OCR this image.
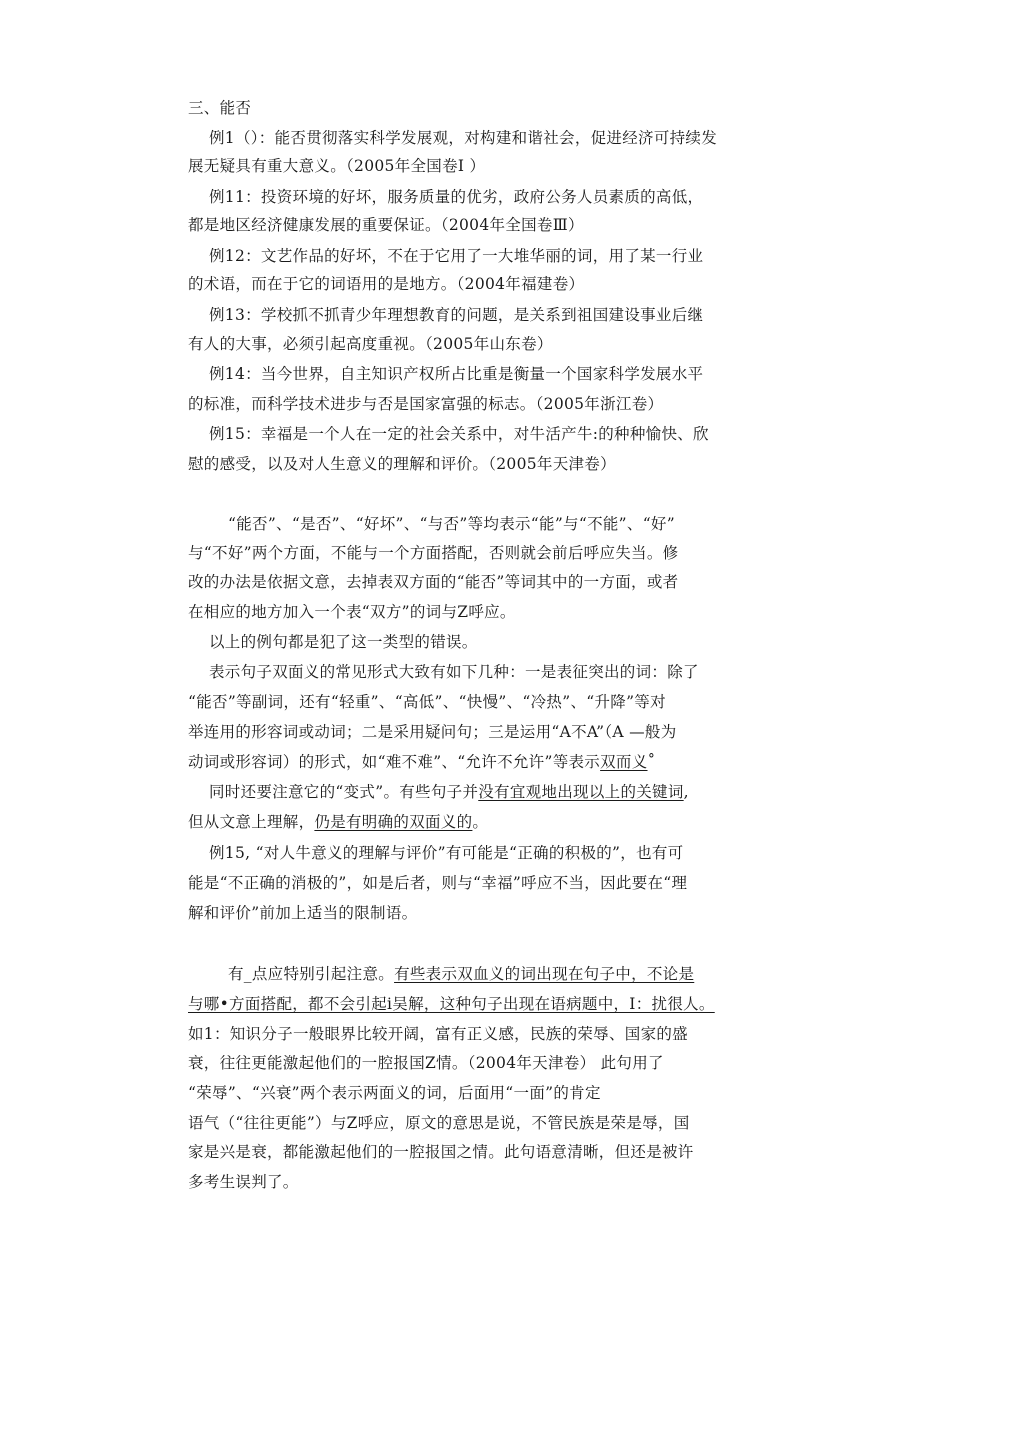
三、能否
例1（）：能否贯彻落实科学发展观，对构建和谐社会，促进经济可持续发
展无疑具有重大意义。（2005年全国卷I ）
例11：投资环境的好坏，服务质量的优劣，政府公务人员素质的高低，
都是地区经济健康发展的重要保证。（2004年全国卷Ⅲ）
例12：文艺作品的好坏，不在于它用了一大堆华丽的词，用了某一行业
的术语，而在于它的词语用的是地方。（2004年福建卷）
例13：学校抓不抓青少年理想教育的问题，是关系到祖国建设事业后继
有人的大事，必须引起高度重视。（2005年山东卷）
例14：当今世界，自主知识产权所占比重是衡量一个国家科学发展水平
的标准，而科学技术进步与否是国家富强的标志。（2005年浙江卷）
例15：幸福是一个人在一定的社会关系中，对牛活产牛:的种种愉快、欣
慰的感受，以及对人生意义的理解和评价。（2005年天津卷）
“能否”、“是否”、“好坏”、“与否”等均表示“能”与“不能”、“好”
与“不好”两个方面，不能与一个方面搭配，否则就会前后呼应失当。修
改的办法是依据文意，去掉表双方面的“能否”等词其中的一方面，或者
在相应的地方加入一个表“双方”的词与Z呼应。
以上的例句都是犯了这一类型的错误。
表示句子双面义的常见形式大致有如下几种：一是表征突出的词：除了
“能否”等副词，还有“轻重”、“高低”、“快慢”、“冷热”、“升降”等对
举连用的形容词或动词；二是采用疑问句；三是运用“A不A”（A —般为
动词或形容词）的形式，如“难不难”、“允许不允许”等表示双而义˚
同时还要注意它的“变式”。有些句子并没有宜观地出现以上的关键词,
但从文意上理解，仍是有明确的双面义的。
例15, “对人牛意义的理解与评价”有可能是“正确的积极的”，也有可
能是“不正确的消极的”，如是后者，则与“幸福”呼应不当，因此要在“理
解和评价”前加上适当的限制语。
有_点应特别引起注意。有些表示双血义的词出现在句子中，不论是
与哪•方面搭配，都不会引起i吴解，这种句子出现在语病题中，I：扰很人。
如1：知识分子一般眼界比较开阔，富有正义感，民族的荣辱、国家的盛
衰，往往更能激起他们的一腔报国Z情。（2004年天津卷） 此句用了
“荣辱”、“兴衰”两个表示两面义的词，后面用“一面”的肯定
语气（“往往更能”）与Z呼应，原文的意思是说，不管民族是荣是辱，国
家是兴是衰，都能激起他们的一腔报国之情。此句语意清晰，但还是被许
多考生误判了。
